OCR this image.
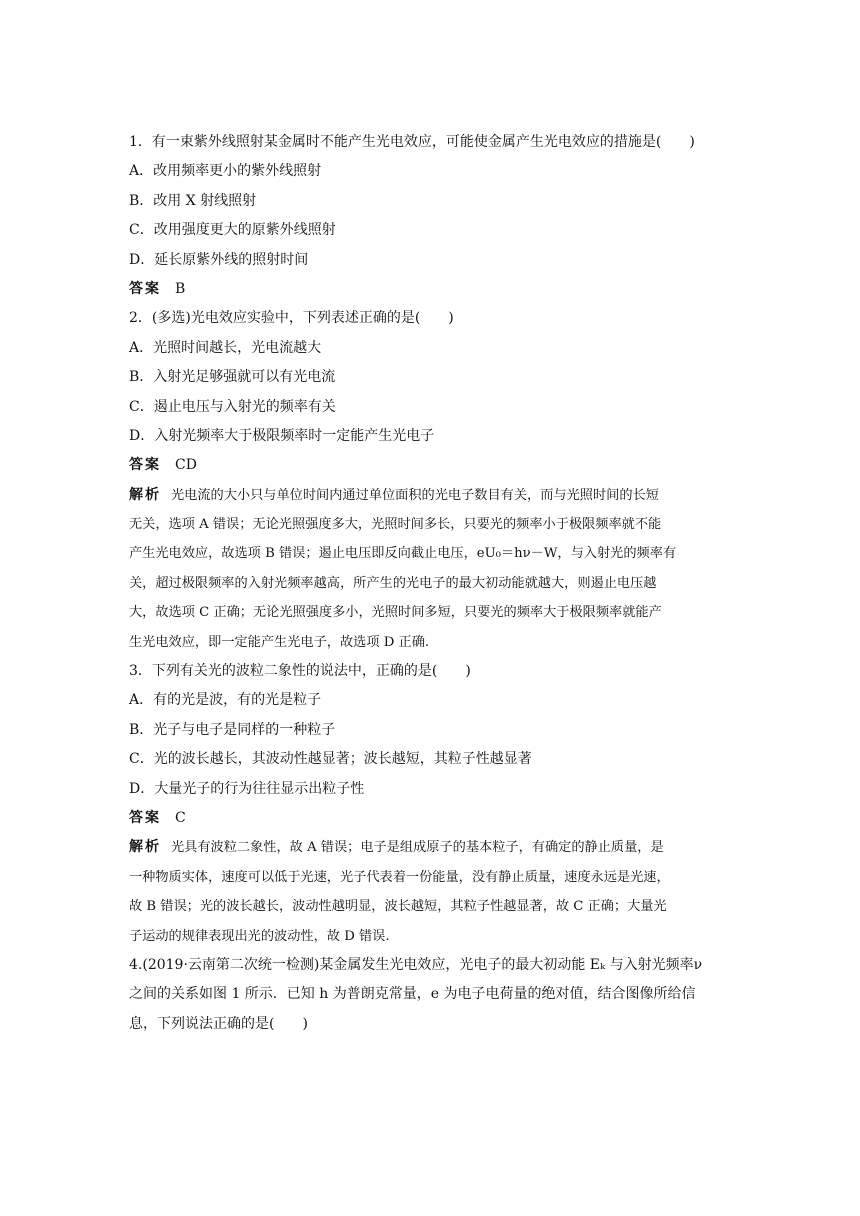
1．有一束紫外线照射某金属时不能产生光电效应，可能使金属产生光电效应的措施是(　　)
A．改用频率更小的紫外线照射
B．改用 X 射线照射
C．改用强度更大的原紫外线照射
D．延长原紫外线的照射时间
答案 B
2．(多选)光电效应实验中，下列表述正确的是(　　)
A．光照时间越长，光电流越大
B．入射光足够强就可以有光电流
C．遏止电压与入射光的频率有关
D．入射光频率大于极限频率时一定能产生光电子
答案 CD
解析 光电流的大小只与单位时间内通过单位面积的光电子数目有关，而与光照时间的长短
无关，选项 A 错误；无论光照强度多大，光照时间多长，只要光的频率小于极限频率就不能
产生光电效应，故选项 B 错误；遏止电压即反向截止电压，eU₀＝hν－W，与入射光的频率有
关，超过极限频率的入射光频率越高，所产生的光电子的最大初动能就越大，则遏止电压越
大，故选项 C 正确；无论光照强度多小，光照时间多短，只要光的频率大于极限频率就能产
生光电效应，即一定能产生光电子，故选项 D 正确.
3．下列有关光的波粒二象性的说法中，正确的是(　　)
A．有的光是波，有的光是粒子
B．光子与电子是同样的一种粒子
C．光的波长越长，其波动性越显著；波长越短，其粒子性越显著
D．大量光子的行为往往显示出粒子性
答案 C
解析 光具有波粒二象性，故 A 错误；电子是组成原子的基本粒子，有确定的静止质量，是
一种物质实体，速度可以低于光速，光子代表着一份能量，没有静止质量，速度永远是光速，
故 B 错误；光的波长越长，波动性越明显，波长越短，其粒子性越显著，故 C 正确；大量光
子运动的规律表现出光的波动性，故 D 错误.
4.(2019·云南第二次统一检测)某金属发生光电效应，光电子的最大初动能 Eₖ 与入射光频率ν
之间的关系如图 1 所示．已知 h 为普朗克常量，e 为电子电荷量的绝对值，结合图像所给信
息，下列说法正确的是(　　)
